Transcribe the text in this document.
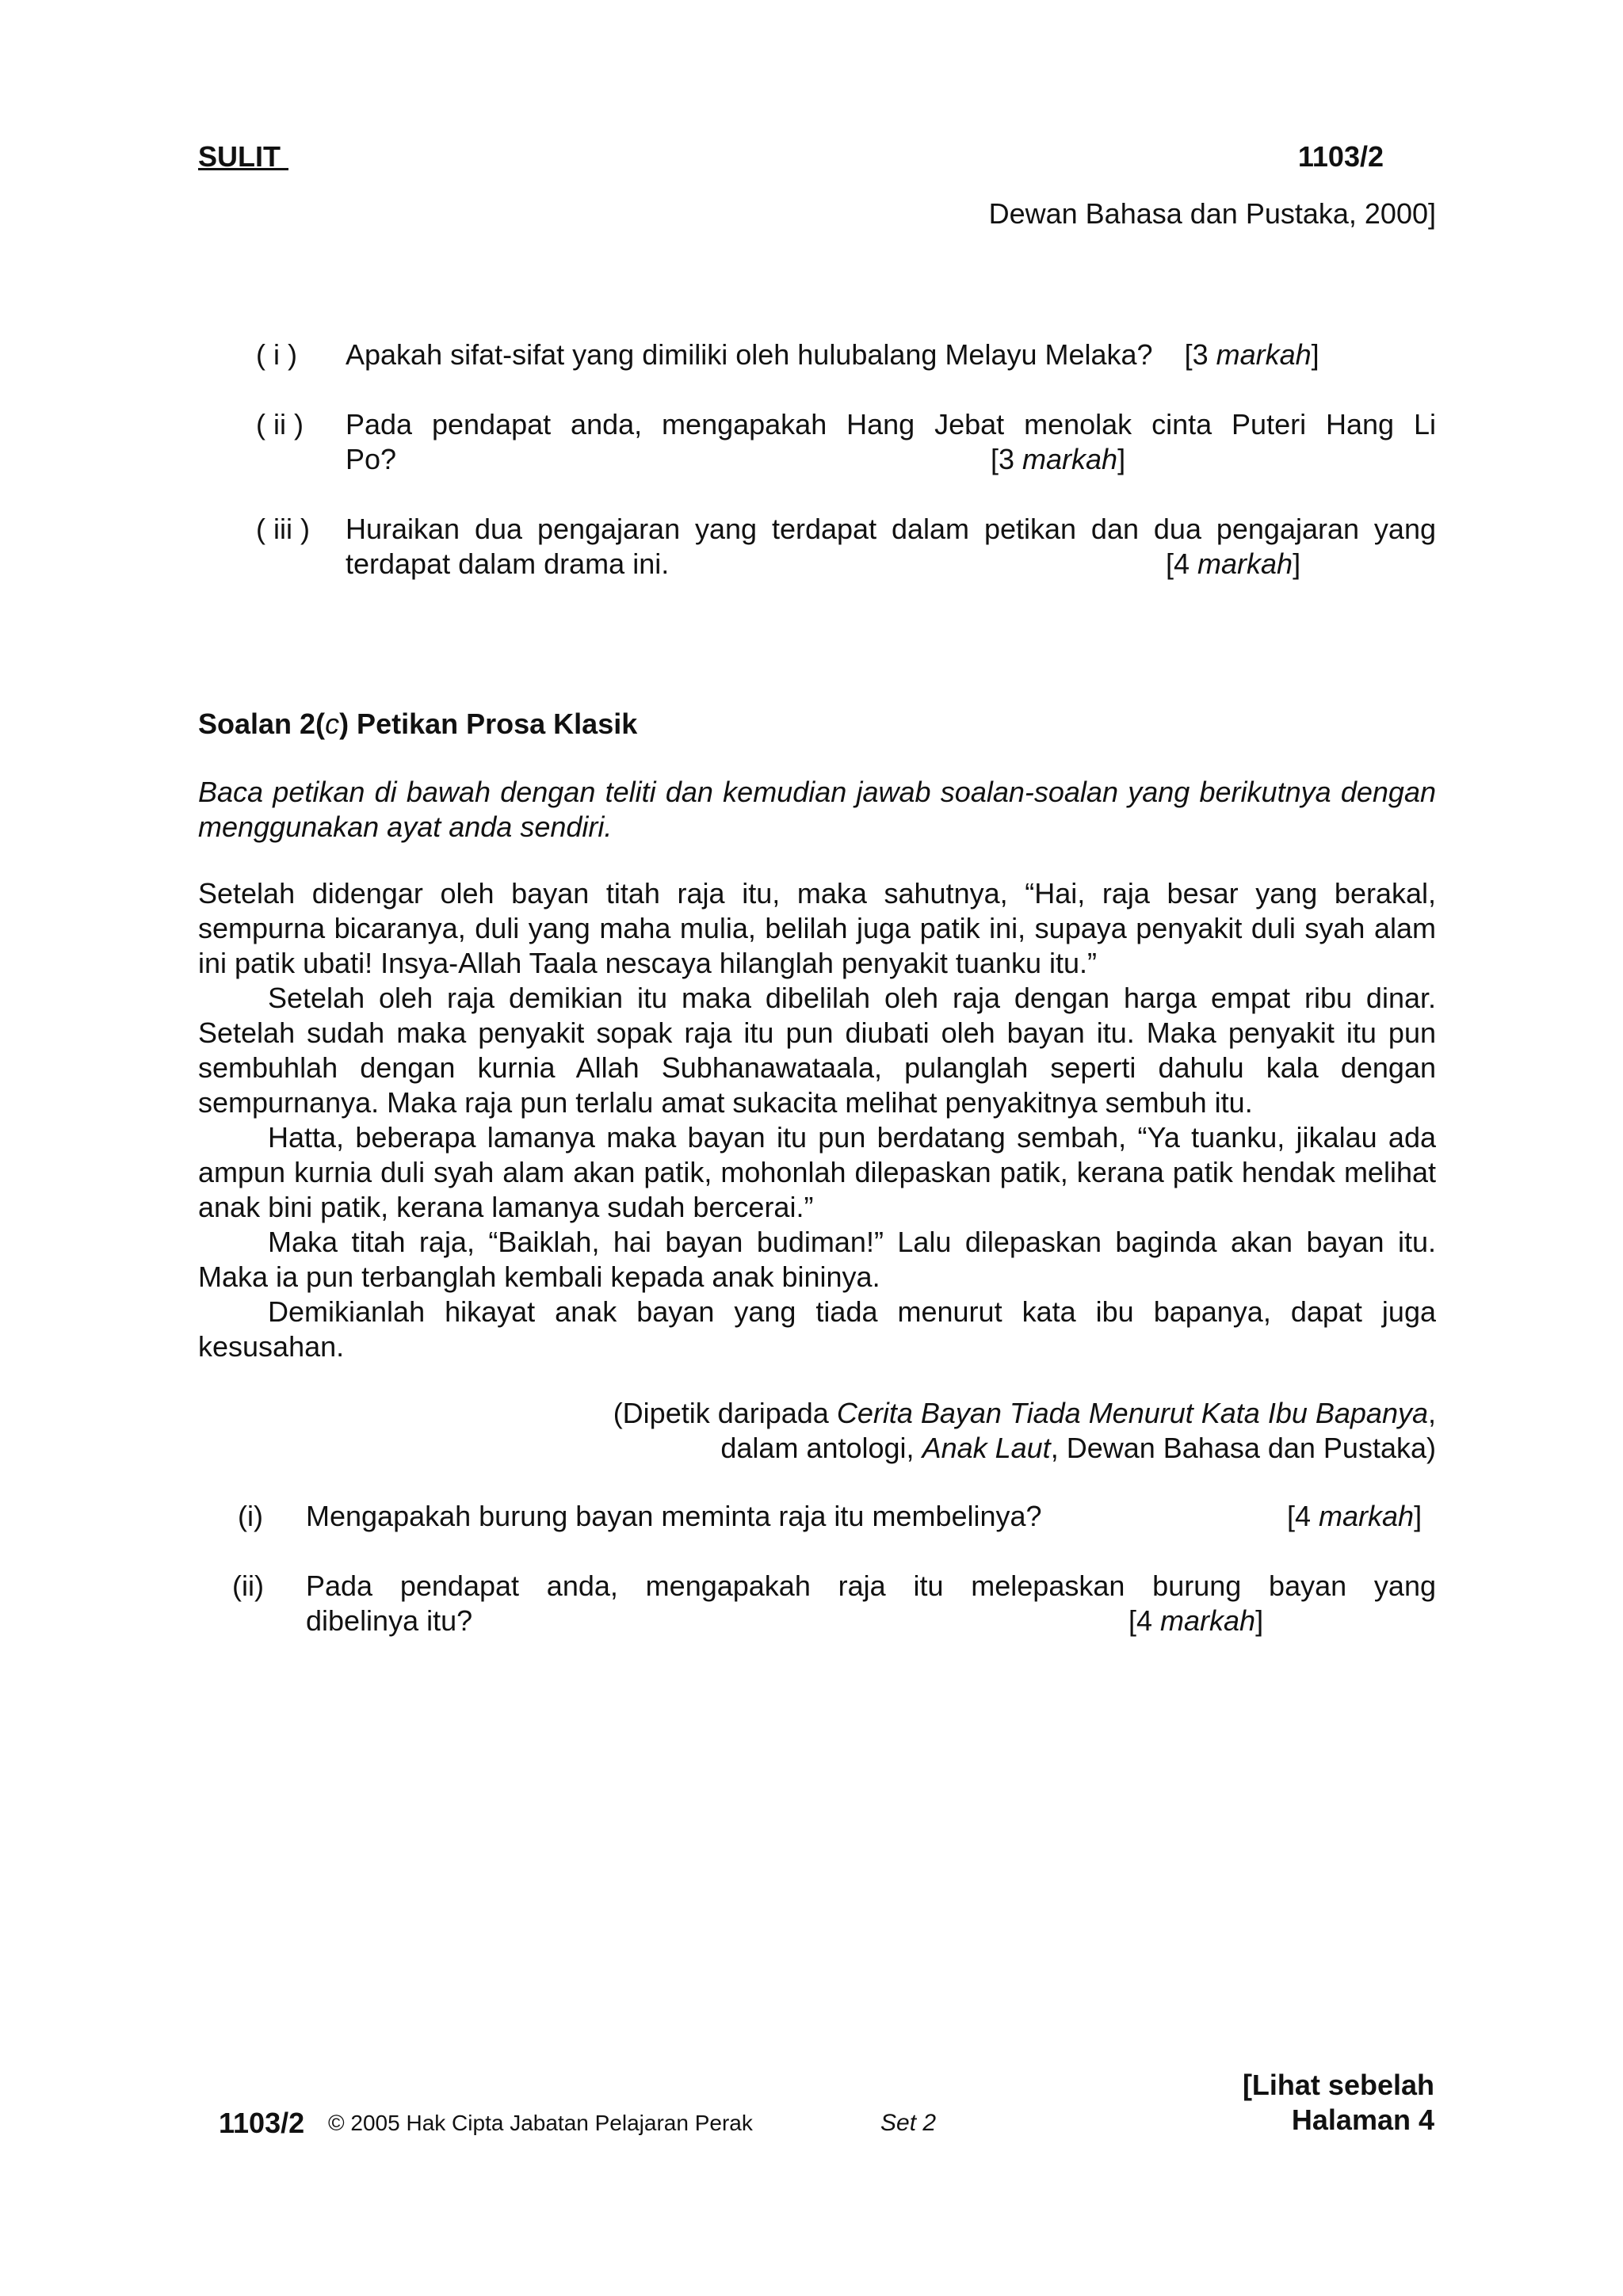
SULIT	1103/2
Dewan Bahasa dan Pustaka, 2000]
( i ) Apakah sifat-sifat yang dimiliki oleh hulubalang Melayu Melaka? [3 markah]
( ii ) Pada pendapat anda, mengapakah Hang Jebat menolak cinta Puteri Hang Li
Po?	[3 markah]
( iii ) Huraikan dua pengajaran yang terdapat dalam petikan dan dua pengajaran yang
terdapat dalam drama ini.	[4 markah]
Soalan 2(c) Petikan Prosa Klasik
Baca petikan di bawah dengan teliti dan kemudian jawab soalan-soalan yang berikutnya dengan menggunakan ayat anda sendiri.

Setelah didengar oleh bayan titah raja itu, maka sahutnya, “Hai, raja besar yang berakal, sempurna bicaranya, duli yang maha mulia, belilah juga patik ini, supaya penyakit duli syah alam ini patik ubati! Insya-Allah Taala nescaya hilanglah penyakit tuanku itu.”

Setelah oleh raja demikian itu maka dibelilah oleh raja dengan harga empat ribu dinar. Setelah sudah maka penyakit sopak raja itu pun diubati oleh bayan itu. Maka penyakit itu pun sembuhlah dengan kurnia Allah Subhanawataala, pulanglah seperti dahulu kala dengan sempurnanya. Maka raja pun terlalu amat sukacita melihat penyakitnya sembuh itu.

Hatta, beberapa lamanya maka bayan itu pun berdatang sembah, “Ya tuanku, jikalau ada ampun kurnia duli syah alam akan patik, mohonlah dilepaskan patik, kerana patik hendak melihat anak bini patik, kerana lamanya sudah bercerai.”

Maka titah raja, “Baiklah, hai bayan budiman!” Lalu dilepaskan baginda akan bayan itu. Maka ia pun terbanglah kembali kepada anak bininya.

Demikianlah hikayat anak bayan yang tiada menurut kata ibu bapanya, dapat juga kesusahan.

(Dipetik daripada Cerita Bayan Tiada Menurut Kata Ibu Bapanya,
dalam antologi, Anak Laut, Dewan Bahasa dan Pustaka)
(i) Mengapakah burung bayan meminta raja itu membelinya?	[4 markah]
(ii) Pada pendapat anda, mengapakah raja itu melepaskan burung bayan yang
dibelinya itu?	[4 markah]
1103/2 © 2005 Hak Cipta Jabatan Pelajaran Perak	Set 2
[Lihat sebelah
Halaman 4
